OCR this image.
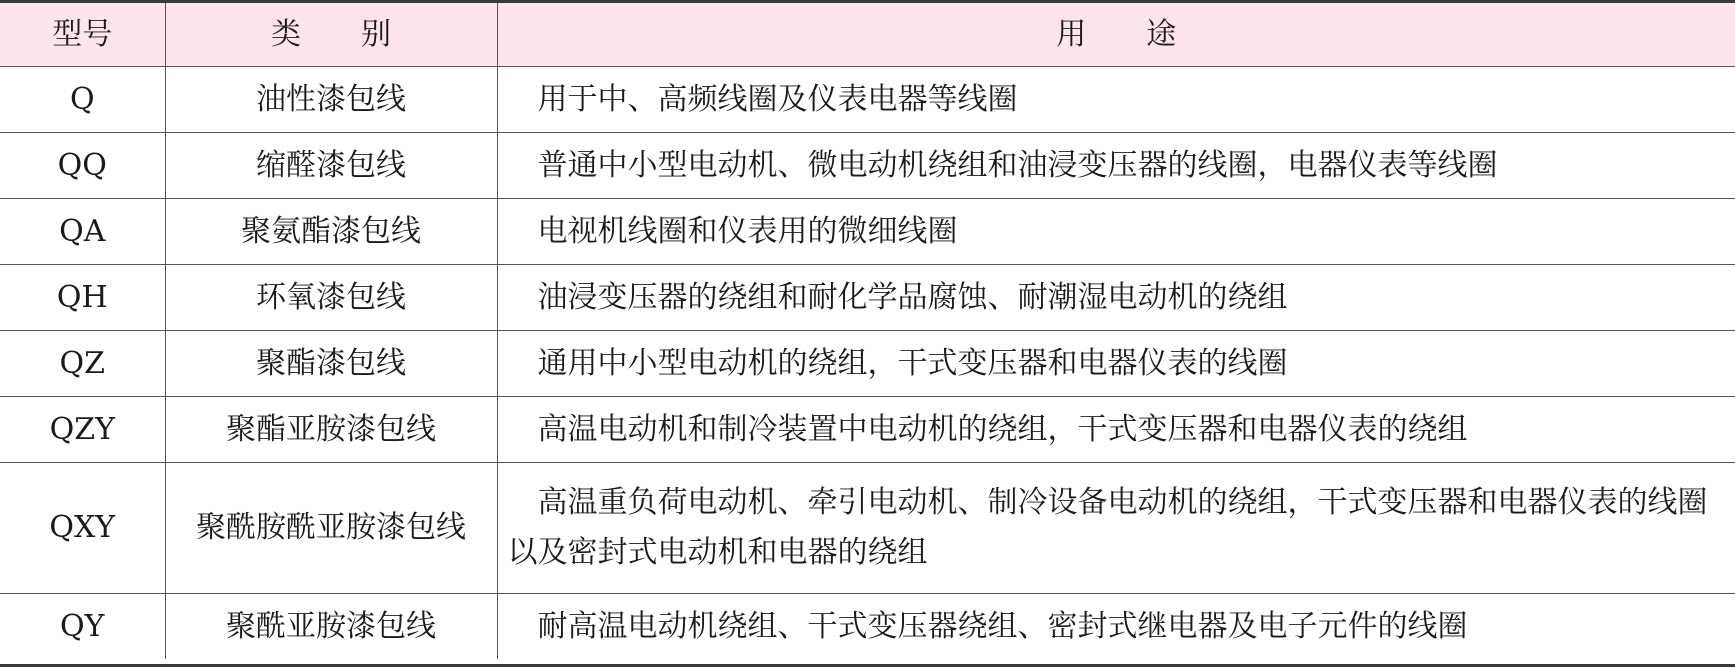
型号	类　　别	用　　途
Q	油性漆包线	用于中、高频线圈及仪表电器等线圈
QQ	缩醛漆包线	普通中小型电动机、微电动机绕组和油浸变压器的线圈，电器仪表等线圈
QA	聚氨酯漆包线	电视机线圈和仪表用的微细线圈
QH	环氧漆包线	油浸变压器的绕组和耐化学品腐蚀、耐潮湿电动机的绕组
QZ	聚酯漆包线	通用中小型电动机的绕组，干式变压器和电器仪表的线圈
QZY	聚酯亚胺漆包线	高温电动机和制冷装置中电动机的绕组，干式变压器和电器仪表的绕组
QXY	聚酰胺酰亚胺漆包线	高温重负荷电动机、牵引电动机、制冷设备电动机的绕组，干式变压器和电器仪表的线圈以及密封式电动机和电器的绕组
QY	聚酰亚胺漆包线	耐高温电动机绕组、干式变压器绕组、密封式继电器及电子元件的线圈
